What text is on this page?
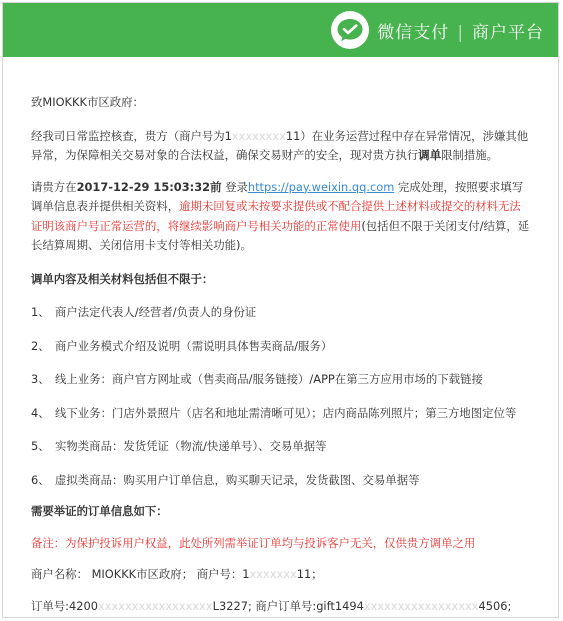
微信支付 | 商户平台

致MIOKKK市区政府：

经我司日常监控核查，贵方（商户号为1xxxxxxxx11）在业务运营过程中存在异常情况，涉嫌其他异常，为保障相关交易对象的合法权益，确保交易财产的安全，现对贵方执行调单限制措施。

请贵方在2017-12-29 15:03:32前 登录https://pay.weixin.qq.com 完成处理，按照要求填写调单信息表并提供相关资料，逾期未回复或未按要求提供或不配合提供上述材料或提交的材料无法证明该商户号正常运营的，将继续影响商户号相关功能的正常使用(包括但不限于关闭支付/结算，延长结算周期、关闭信用卡支付等相关功能)。

调单内容及相关材料包括但不限于：

1、 商户法定代表人/经营者/负责人的身份证

2、 商户业务模式介绍及说明（需说明具体售卖商品/服务）

3、 线上业务：商户官方网址或（售卖商品/服务链接）/APP在第三方应用市场的下载链接

4、 线下业务：门店外景照片（店名和地址需清晰可见）；店内商品陈列照片；第三方地图定位等

5、 实物类商品：发货凭证（物流/快递单号）、交易单据等

6、 虚拟类商品：购买用户订单信息，购买聊天记录，发货截图、交易单据等

需要举证的订单信息如下：

备注：为保护投诉用户权益，此处所列需举证订单均与投诉客户无关，仅供贵方调单之用

商户名称： MIOKKK市区政府； 商户号：1xxxxxxx11；

订单号:4200xxxxxxxxxxxxxxxxxL3227; 商户订单号:gift1494xxxxxxxxxxxxxxxxx4506;
